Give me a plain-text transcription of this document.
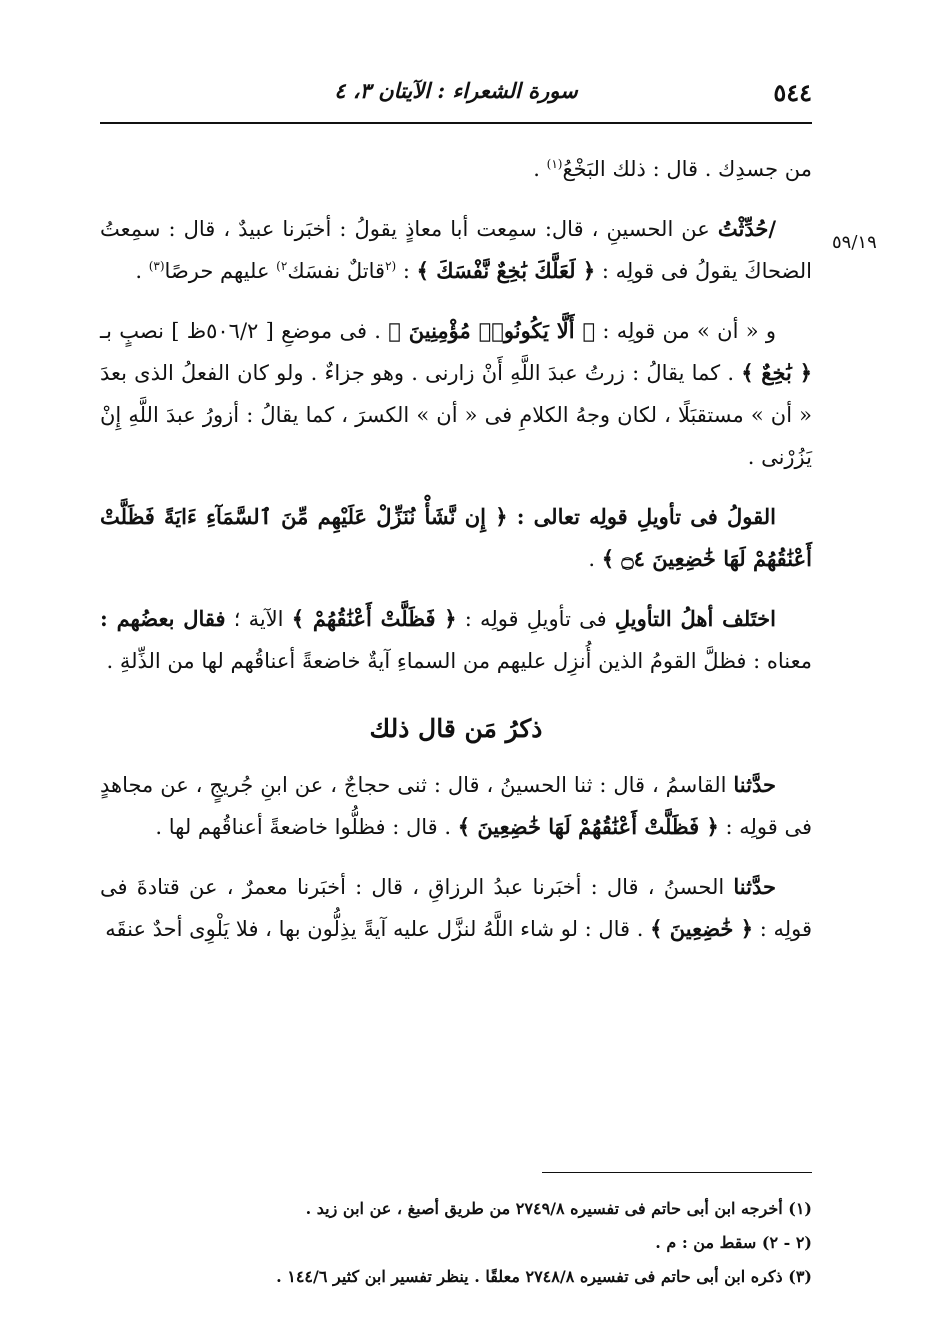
٥٤٤
سورة الشعراء : الآيتان ٣، ٤
٥٩/١٩

من جسدِك . قال : ذلك البَخْعُ$^{(١)}$ .

/حُدِّثْتُ عن الحسينِ ، قال: سمِعت أبا معاذٍ يقولُ : أخبَرنا عبيدٌ ، قال : سمِعتُ الضحاكَ يقولُ فى قولِه : ﴿ لَعَلَّكَ بَٰخِعٌ نَّفْسَكَ ﴾ : $^{(٢}$قاتلٌ نفسَك$^{٢)}$ عليهم حرصًا$^{(٣)}$ .

و « أن » من قولِه : ﴿ أَلَّا يَكُونُوا۟ مُؤْمِنِينَ ﴾ . فى موضعِ [ ٥٠٦/٢ظ ] نصبٍ بـ ﴿ بَٰخِعٌ ﴾ . كما يقالُ : زرتُ عبدَ اللَّهِ أَنْ زارنى . وهو جزاءٌ . ولو كان الفعلُ الذى بعدَ « أن » مستقبَلًا ، لكان وجهُ الكلامِ فى « أن » الكسرَ ، كما يقالُ : أزورُ عبدَ اللَّهِ إِنْ يَزُرْنى .

القولُ فى تأويلِ قولِه تعالى : ﴿ إِن نَّشَأْ نُنَزِّلْ عَلَيْهِم مِّنَ ٱلسَّمَآءِ ءَايَةً فَظَلَّتْ أَعْنَٰقُهُمْ لَهَا خَٰضِعِينَ ۝٤ ﴾ .

اختَلف أهلُ التأويلِ فى تأويلِ قولِه : ﴿ فَظَلَّتْ أَعْنَٰقُهُمْ ﴾ الآية ؛ فقال بعضُهم : معناه : فظلَّ القومُ الذين أُنزِل عليهم من السماءِ آيةٌ خاضعةً أعناقُهم لها من الذِّلةِ .

ذكرُ مَن قال ذلك

حدَّثنا القاسمُ ، قال : ثنا الحسينُ ، قال : ثنى حجاجٌ ، عن ابنِ جُريجٍ ، عن مجاهدٍ فى قولِه : ﴿ فَظَلَّتْ أَعْنَٰقُهُمْ لَهَا خَٰضِعِينَ ﴾ . قال : فظلُّوا خاضعةً أعناقُهم لها .

حدَّثنا الحسنُ ، قال : أخبَرنا عبدُ الرزاقِ ، قال : أخبَرنا معمرٌ ، عن قتادةَ فى قولِه : ﴿ خَٰضِعِينَ ﴾ . قال : لو شاء اللَّهُ لنزَّل عليه آيةً يذِلُّون بها ، فلا يَلْوِى أحدٌ عنقَه

(١) أخرجه ابن أبى حاتم فى تفسيره ٢٧٤٩/٨ من طريق أصبغ ، عن ابن زيد .
(٢ - ٢) سقط من : م .
(٣) ذكره ابن أبى حاتم فى تفسيره ٢٧٤٨/٨ معلقًا . ينظر تفسير ابن كثير ١٤٤/٦ .
